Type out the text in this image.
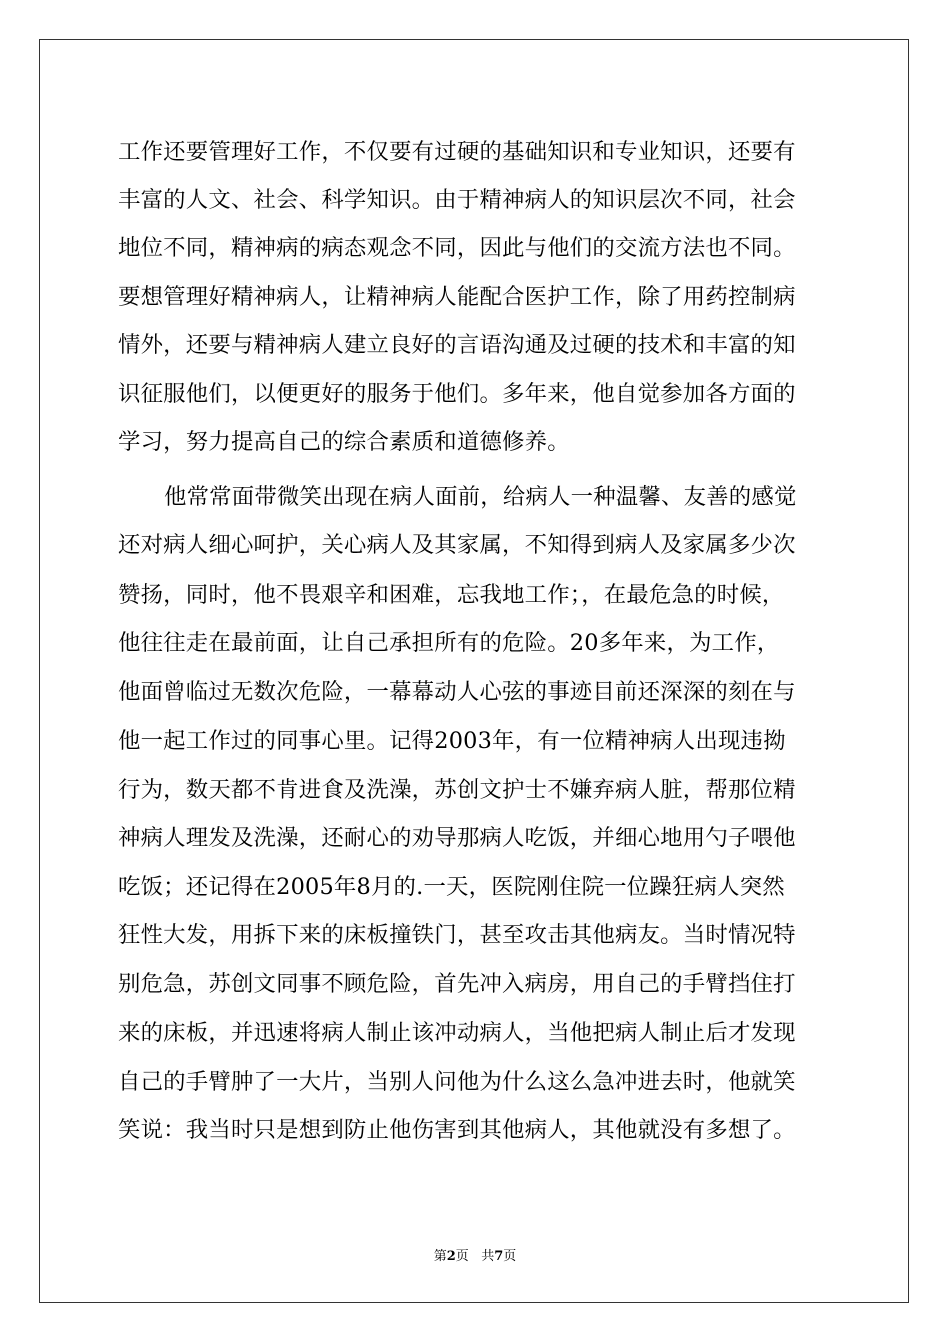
工作还要管理好工作，不仅要有过硬的基础知识和专业知识，还要有
丰富的人文、社会、科学知识。由于精神病人的知识层次不同，社会
地位不同，精神病的病态观念不同，因此与他们的交流方法也不同。
要想管理好精神病人，让精神病人能配合医护工作，除了用药控制病
情外，还要与精神病人建立良好的言语沟通及过硬的技术和丰富的知
识征服他们，以便更好的服务于他们。多年来，他自觉参加各方面的
学习，努力提高自己的综合素质和道德修养。
他常常面带微笑出现在病人面前，给病人一种温馨、友善的感觉
还对病人细心呵护，关心病人及其家属，不知得到病人及家属多少次
赞扬，同时，他不畏艰辛和困难，忘我地工作；，在最危急的时候，
他往往走在最前面，让自己承担所有的危险。20多年来，为工作，
他面曾临过无数次危险，一幕幕动人心弦的事迹目前还深深的刻在与
他一起工作过的同事心里。记得2003年，有一位精神病人出现违拗
行为，数天都不肯进食及洗澡，苏创文护士不嫌弃病人脏，帮那位精
神病人理发及洗澡，还耐心的劝导那病人吃饭，并细心地用勺子喂他
吃饭；还记得在2005年8月的.一天，医院刚住院一位躁狂病人突然
狂性大发，用拆下来的床板撞铁门，甚至攻击其他病友。当时情况特
别危急，苏创文同事不顾危险，首先冲入病房，用自己的手臂挡住打
来的床板，并迅速将病人制止该冲动病人，当他把病人制止后才发现
自己的手臂肿了一大片，当别人问他为什么这么急冲进去时，他就笑
笑说：我当时只是想到防止他伤害到其他病人，其他就没有多想了。
第2页 共7页
